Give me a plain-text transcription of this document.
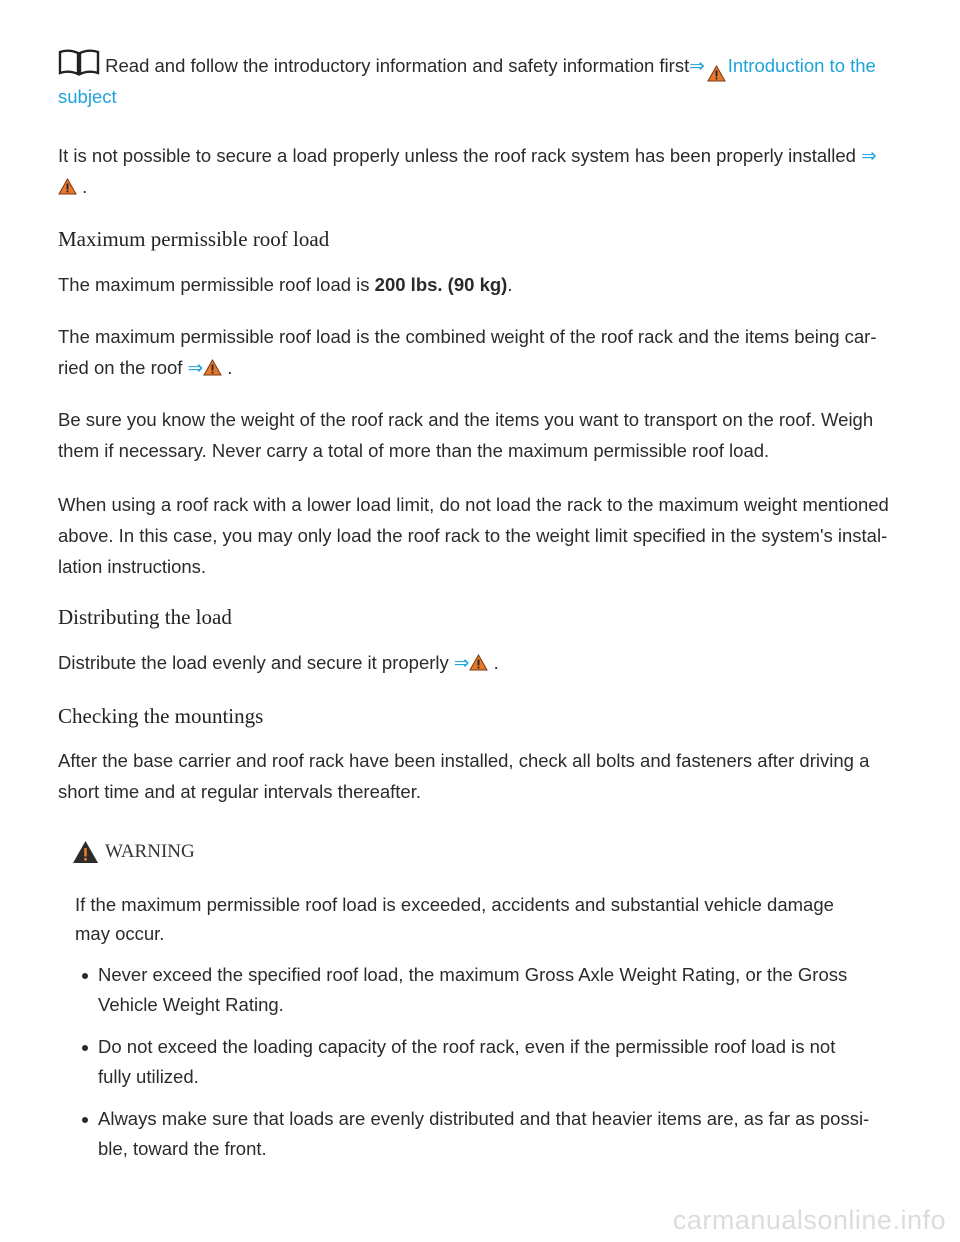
Read and follow the introductory information and safety information first⇒ Introduction to the subject

It is not possible to secure a load properly unless the roof rack system has been properly installed ⇒
.

Maximum permissible roof load

The maximum permissible roof load is 200 lbs. (90 kg).

The maximum permissible roof load is the combined weight of the roof rack and the items being car-ried on the roof ⇒ .

Be sure you know the weight of the roof rack and the items you want to transport on the roof. Weigh them if necessary. Never carry a total of more than the maximum permissible roof load.

When using a roof rack with a lower load limit, do not load the rack to the maximum weight mentioned above. In this case, you may only load the roof rack to the weight limit specified in the system's instal-lation instructions.

Distributing the load

Distribute the load evenly and secure it properly ⇒ .

Checking the mountings

After the base carrier and roof rack have been installed, check all bolts and fasteners after driving a short time and at regular intervals thereafter.

WARNING
If the maximum permissible roof load is exceeded, accidents and substantial vehicle damage may occur.
Never exceed the specified roof load, the maximum Gross Axle Weight Rating, or the Gross Vehicle Weight Rating.
Do not exceed the loading capacity of the roof rack, even if the permissible roof load is not fully utilized.
Always make sure that loads are evenly distributed and that heavier items are, as far as possi-ble, toward the front.
carmanualsonline.info
